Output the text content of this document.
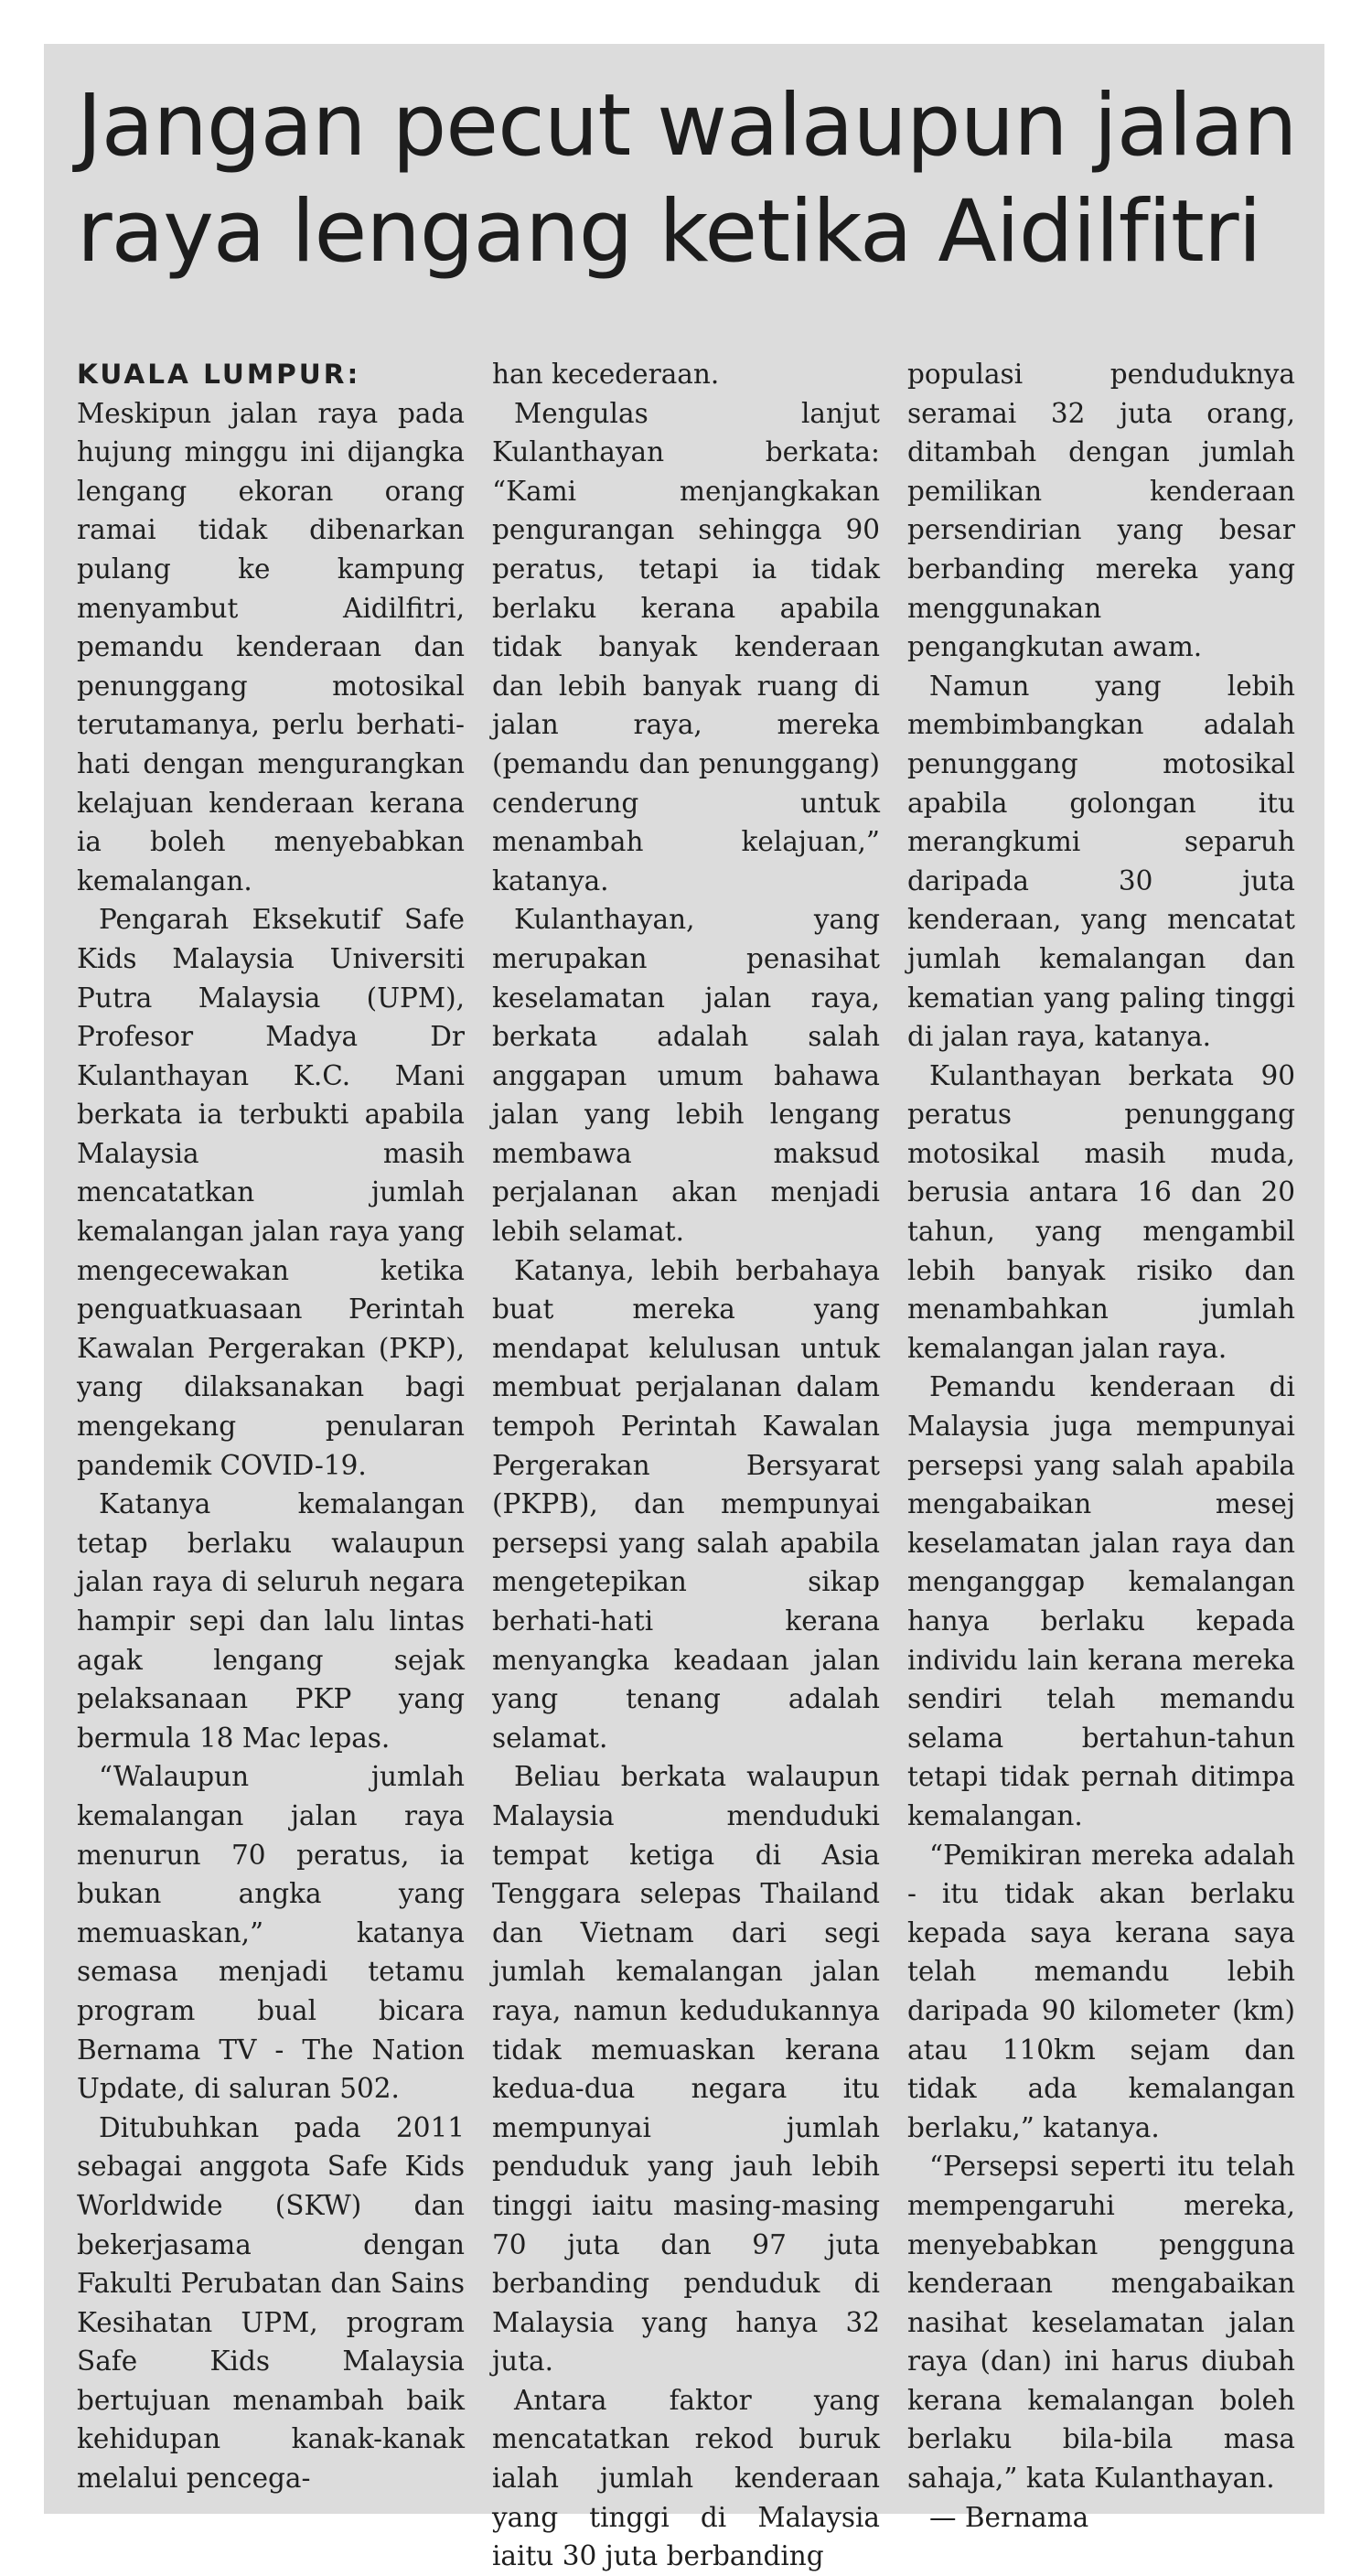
Jangan pecut walaupun jalan raya lengang ketika Aidilfitri

KUALA LUMPUR:
Meskipun jalan raya pada hujung minggu ini dijangka lengang ekoran orang ramai tidak dibenarkan pulang ke kampung menyambut Aidilfitri, pemandu kenderaan dan penunggang motosikal terutamanya, perlu berhati-hati dengan mengurangkan kelajuan kenderaan kerana ia boleh menyebabkan kemalangan.

Pengarah Eksekutif Safe Kids Malaysia Universiti Putra Malaysia (UPM), Profesor Madya Dr Kulanthayan K.C. Mani berkata ia terbukti apabila Malaysia masih mencatatkan jumlah kemalangan jalan raya yang mengecewakan ketika penguatkuasaan Perintah Kawalan Pergerakan (PKP), yang dilaksanakan bagi mengekang penularan pandemik COVID-19.

Katanya kemalangan tetap berlaku walaupun jalan raya di seluruh negara hampir sepi dan lalu lintas agak lengang sejak pelaksanaan PKP yang bermula 18 Mac lepas.

“Walaupun jumlah kemalangan jalan raya menurun 70 peratus, ia bukan angka yang memuaskan,” katanya semasa menjadi tetamu program bual bicara Bernama TV - The Nation Update, di saluran 502.

Ditubuhkan pada 2011 sebagai anggota Safe Kids Worldwide (SKW) dan bekerjasama dengan Fakulti Perubatan dan Sains Kesihatan UPM, program Safe Kids Malaysia bertujuan menambah baik kehidupan kanak-kanak melalui pencega-

han kecederaan.

Mengulas lanjut Kulanthayan berkata: “Kami menjangkakan pengurangan sehingga 90 peratus, tetapi ia tidak berlaku kerana apabila tidak banyak kenderaan dan lebih banyak ruang di jalan raya, mereka (pemandu dan penunggang) cenderung untuk menambah kelajuan,” katanya.

Kulanthayan, yang merupakan penasihat keselamatan jalan raya, berkata adalah salah anggapan umum bahawa jalan yang lebih lengang membawa maksud perjalanan akan menjadi lebih selamat.

Katanya, lebih berbahaya buat mereka yang mendapat kelulusan untuk membuat perjalanan dalam tempoh Perintah Kawalan Pergerakan Bersyarat (PKPB), dan mempunyai persepsi yang salah apabila mengetepikan sikap berhati-hati kerana menyangka keadaan jalan yang tenang adalah selamat.

Beliau berkata walaupun Malaysia menduduki tempat ketiga di Asia Tenggara selepas Thailand dan Vietnam dari segi jumlah kemalangan jalan raya, namun kedudukannya tidak memuaskan kerana kedua-dua negara itu mempunyai jumlah penduduk yang jauh lebih tinggi iaitu masing-masing 70 juta dan 97 juta berbanding penduduk di Malaysia yang hanya 32 juta.

Antara faktor yang mencatatkan rekod buruk ialah jumlah kenderaan yang tinggi di Malaysia iaitu 30 juta berbanding

populasi penduduknya seramai 32 juta orang, ditambah dengan jumlah pemilikan kenderaan persendirian yang besar berbanding mereka yang menggunakan pengangkutan awam.

Namun yang lebih membimbangkan adalah penunggang motosikal apabila golongan itu merangkumi separuh daripada 30 juta kenderaan, yang mencatat jumlah kemalangan dan kematian yang paling tinggi di jalan raya, katanya.

Kulanthayan berkata 90 peratus penunggang motosikal masih muda, berusia antara 16 dan 20 tahun, yang mengambil lebih banyak risiko dan menambahkan jumlah kemalangan jalan raya.

Pemandu kenderaan di Malaysia juga mempunyai persepsi yang salah apabila mengabaikan mesej keselamatan jalan raya dan menganggap kemalangan hanya berlaku kepada individu lain kerana mereka sendiri telah memandu selama bertahun-tahun tetapi tidak pernah ditimpa kemalangan.

“Pemikiran mereka adalah - itu tidak akan berlaku kepada saya kerana saya telah memandu lebih daripada 90 kilometer (km) atau 110km sejam dan tidak ada kemalangan berlaku,” katanya.

“Persepsi seperti itu telah mempengaruhi mereka, menyebabkan pengguna kenderaan mengabaikan nasihat keselamatan jalan raya (dan) ini harus diubah kerana kemalangan boleh berlaku bila-bila masa sahaja,” kata Kulanthayan.

— Bernama
